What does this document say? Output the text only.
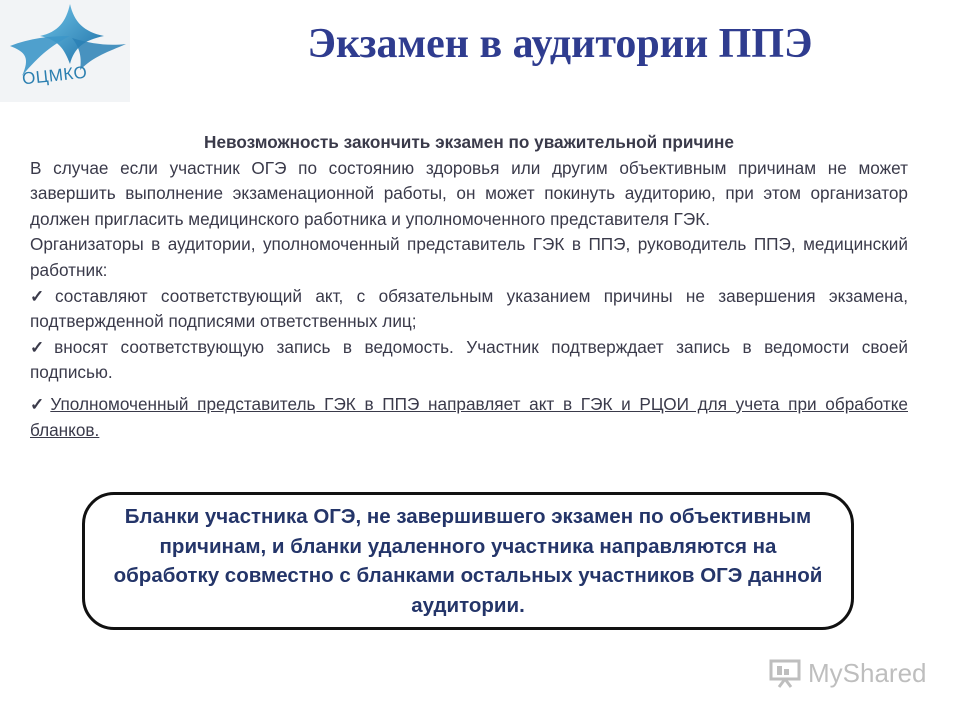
ОЦМКО
Экзамен в аудитории ППЭ

Невозможность закончить экзамен по уважительной причине

В случае если участник ОГЭ по состоянию здоровья или другим объективным причинам не может завершить выполнение экзаменационной работы, он может покинуть аудиторию, при этом организатор должен пригласить медицинского работника и уполномоченного представителя ГЭК.

Организаторы в аудитории, уполномоченный представитель ГЭК в ППЭ, руководитель ППЭ, медицинский работник:

✓ составляют соответствующий акт, с обязательным указанием причины не завершения экзамена, подтвержденной подписями ответственных лиц;

✓ вносят соответствующую запись в ведомость. Участник подтверждает запись в ведомости своей подписью.

✓ Уполномоченный представитель ГЭК в ППЭ направляет акт в ГЭК и РЦОИ для учета при обработке бланков.

Бланки участника ОГЭ, не завершившего экзамен по объективным причинам, и бланки удаленного участника направляются на обработку совместно с бланками остальных участников ОГЭ данной аудитории.
MyShared
